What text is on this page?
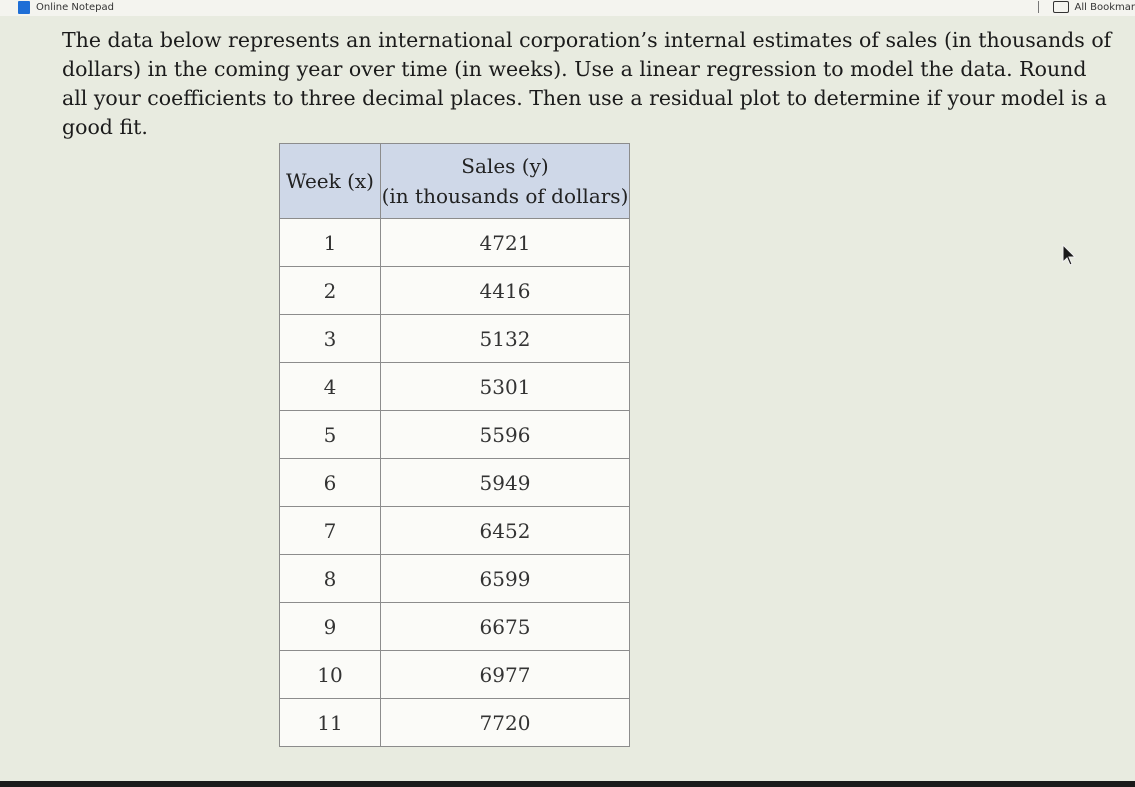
Online Notepad	All Bookmar

The data below represents an international corporation’s internal estimates of sales (in thousands of dollars) in the coming year over time (in weeks). Use a linear regression to model the data. Round all your coefficients to three decimal places. Then use a residual plot to determine if your model is a good fit.

Week (x)	Sales (y)
(in thousands of dollars)

1	4721
2	4416
3	5132
4	5301
5	5596
6	5949
7	6452
8	6599
9	6675
10	6977
11	7720
